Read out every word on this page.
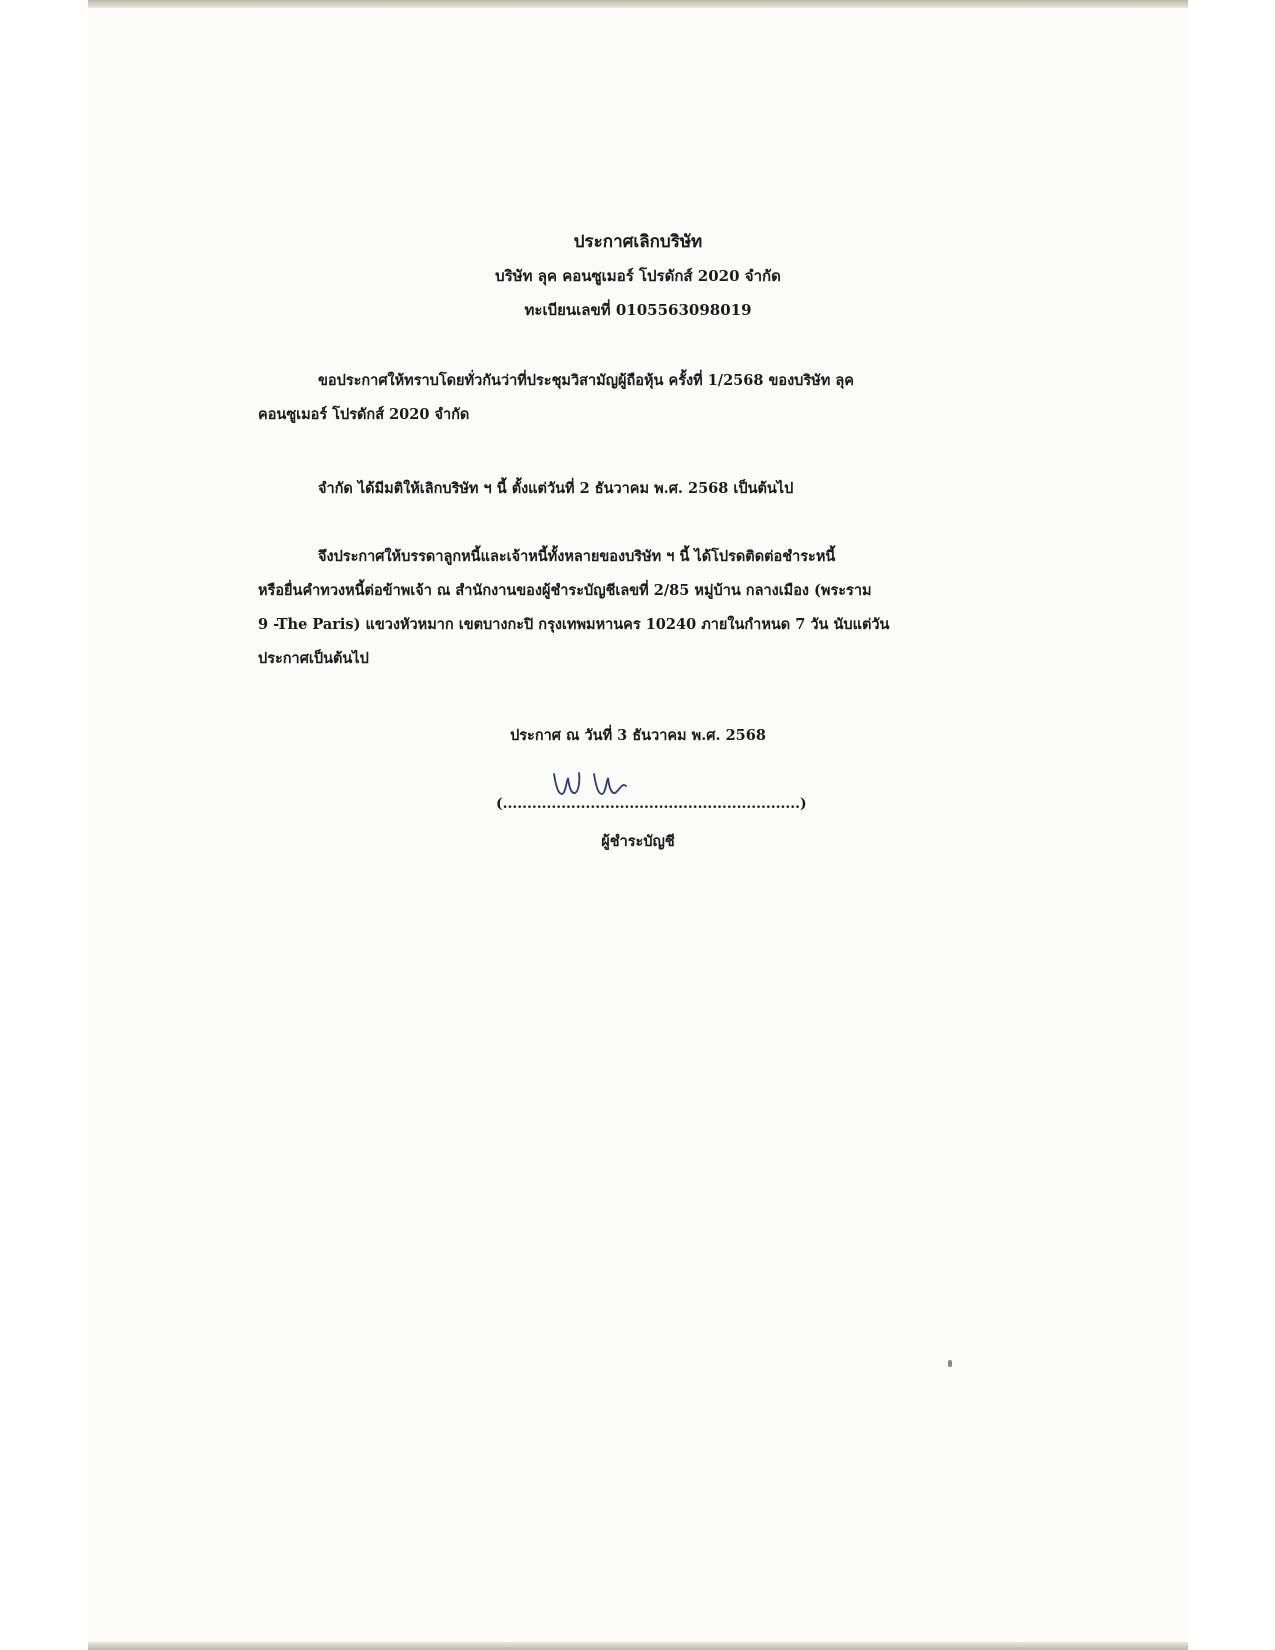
ประกาศเลิกบริษัท
บริษัท ลุค คอนซูเมอร์ โปรดักส์ 2020 จำกัด
ทะเบียนเลขที่ 0105563098019
ขอประกาศให้ทราบโดยทั่วกันว่าที่ประชุมวิสามัญผู้ถือหุ้น ครั้งที่ 1/2568 ของบริษัท ลุค
คอนซูเมอร์ โปรดักส์ 2020 จำกัด
จำกัด ได้มีมติให้เลิกบริษัท ฯ นี้ ตั้งแต่วันที่ 2 ธันวาคม พ.ศ. 2568 เป็นต้นไป
จึงประกาศให้บรรดาลูกหนี้และเจ้าหนี้ทั้งหลายของบริษัท ฯ นี้ ได้โปรดติดต่อชำระหนี้
หรือยื่นคำทวงหนี้ต่อข้าพเจ้า ณ สำนักงานของผู้ชำระบัญชีเลขที่ 2/85 หมู่บ้าน กลางเมือง (พระราม
9 -The Paris) แขวงหัวหมาก เขตบางกะปิ กรุงเทพมหานคร 10240 ภายในกำหนด 7 วัน นับแต่วัน
ประกาศเป็นต้นไป
ประกาศ ณ วันที่ 3 ธันวาคม พ.ศ. 2568
(.............................................................)
ผู้ชำระบัญชี
